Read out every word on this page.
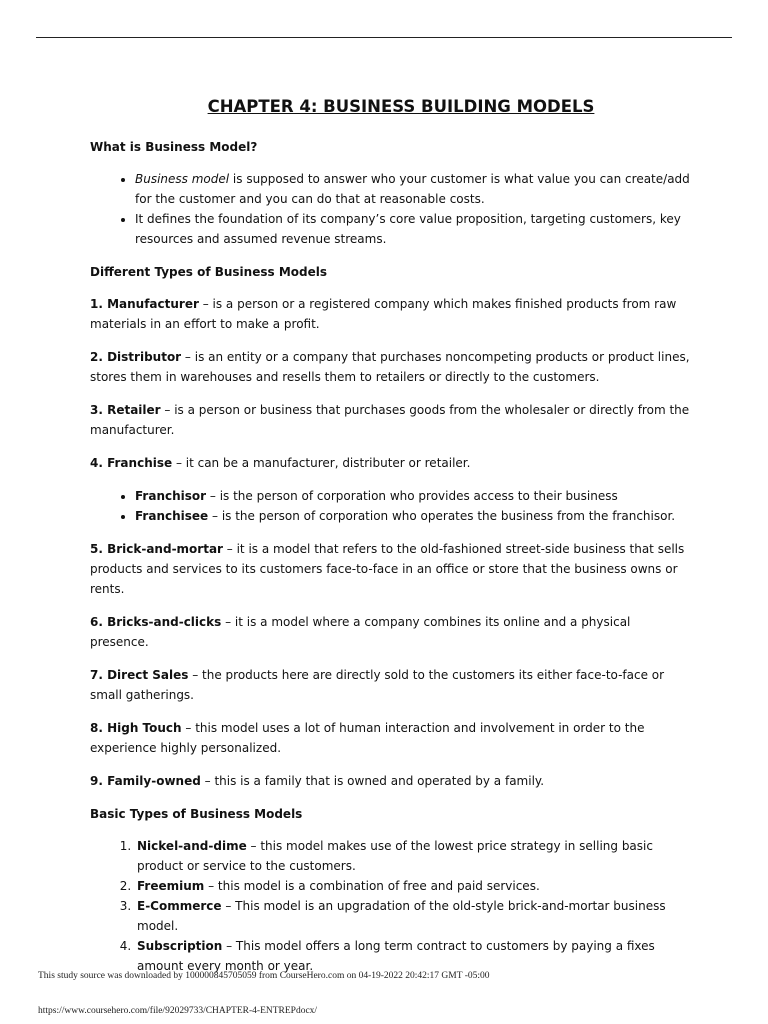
CHAPTER 4: BUSINESS BUILDING MODELS
What is Business Model?
• Business model is supposed to answer who your customer is what value you can create/add for the customer and you can do that at reasonable costs.
• It defines the foundation of its company’s core value proposition, targeting customers, key resources and assumed revenue streams.
Different Types of Business Models

1. Manufacturer – is a person or a registered company which makes finished products from raw materials in an effort to make a profit.

2. Distributor – is an entity or a company that purchases noncompeting products or product lines, stores them in warehouses and resells them to retailers or directly to the customers.

3. Retailer – is a person or business that purchases goods from the wholesaler or directly from the manufacturer.

4. Franchise – it can be a manufacturer, distributer or retailer.

• Franchisor – is the person of corporation who provides access to their business
• Franchisee – is the person of corporation who operates the business from the franchisor.

5. Brick-and-mortar – it is a model that refers to the old-fashioned street-side business that sells products and services to its customers face-to-face in an office or store that the business owns or rents.

6. Bricks-and-clicks – it is a model where a company combines its online and a physical presence.

7. Direct Sales – the products here are directly sold to the customers its either face-to-face or small gatherings.

8. High Touch – this model uses a lot of human interaction and involvement in order to the experience highly personalized.

9. Family-owned – this is a family that is owned and operated by a family.

Basic Types of Business Models
1. Nickel-and-dime – this model makes use of the lowest price strategy in selling basic product or service to the customers.
2. Freemium – this model is a combination of free and paid services.
3. E-Commerce – This model is an upgradation of the old-style brick-and-mortar business model.
4. Subscription – This model offers a long term contract to customers by paying a fixes amount every month or year.
This study source was downloaded by 100000845705059 from CourseHero.com on 04-19-2022 20:42:17 GMT -05:00
https://www.coursehero.com/file/92029733/CHAPTER-4-ENTREPdocx/
